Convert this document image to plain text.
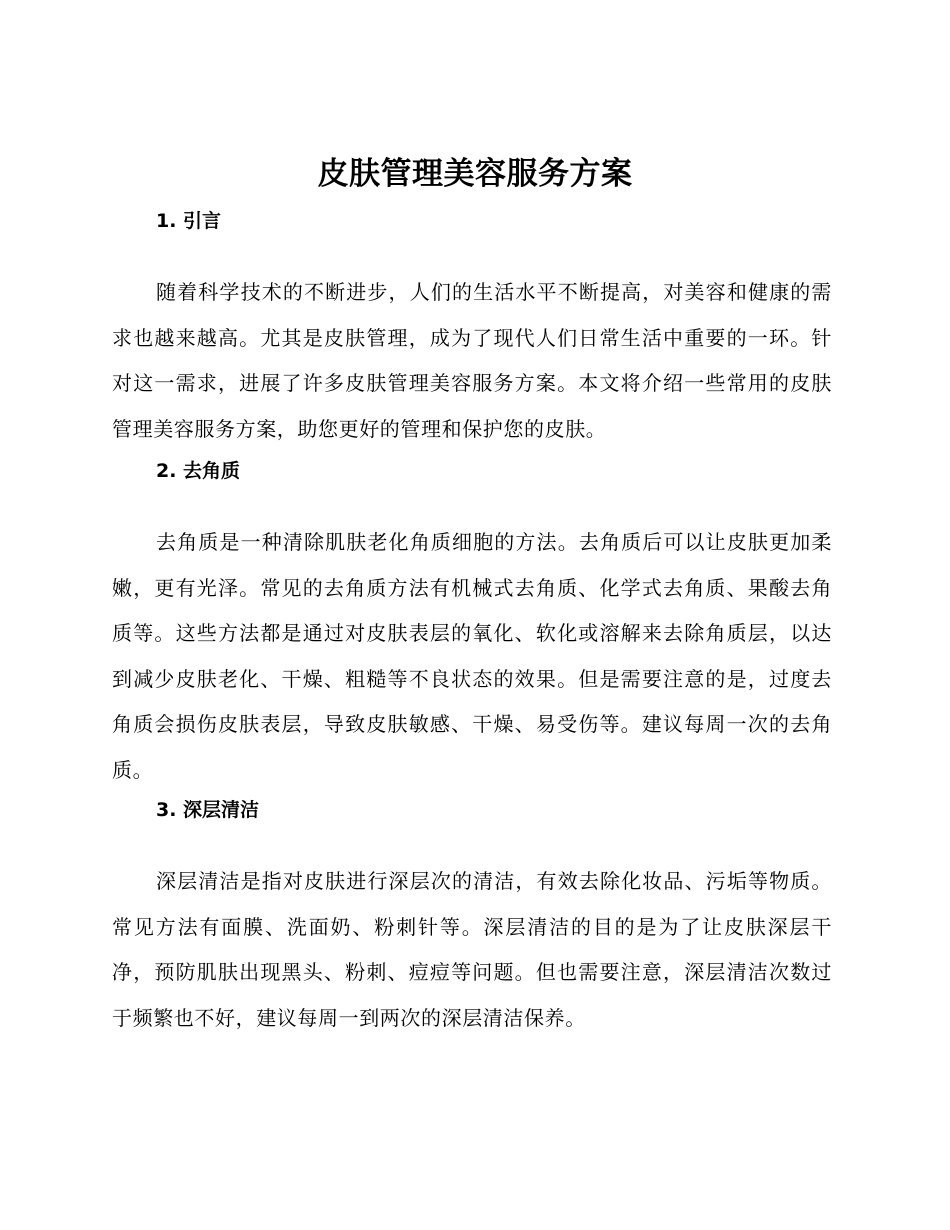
皮肤管理美容服务方案
1. 引言

随着科学技术的不断进步，人们的生活水平不断提高，对美容和健康的需求也越来越高。尤其是皮肤管理，成为了现代人们日常生活中重要的一环。针对这一需求，进展了许多皮肤管理美容服务方案。本文将介绍一些常用的皮肤管理美容服务方案，助您更好的管理和保护您的皮肤。

2. 去角质

去角质是一种清除肌肤老化角质细胞的方法。去角质后可以让皮肤更加柔嫩，更有光泽。常见的去角质方法有机械式去角质、化学式去角质、果酸去角质等。这些方法都是通过对皮肤表层的氧化、软化或溶解来去除角质层，以达到减少皮肤老化、干燥、粗糙等不良状态的效果。但是需要注意的是，过度去角质会损伤皮肤表层，导致皮肤敏感、干燥、易受伤等。建议每周一次的去角质。

3. 深层清洁

深层清洁是指对皮肤进行深层次的清洁，有效去除化妆品、污垢等物质。常见方法有面膜、洗面奶、粉刺针等。深层清洁的目的是为了让皮肤深层干净，预防肌肤出现黑头、粉刺、痘痘等问题。但也需要注意，深层清洁次数过于频繁也不好，建议每周一到两次的深层清洁保养。
